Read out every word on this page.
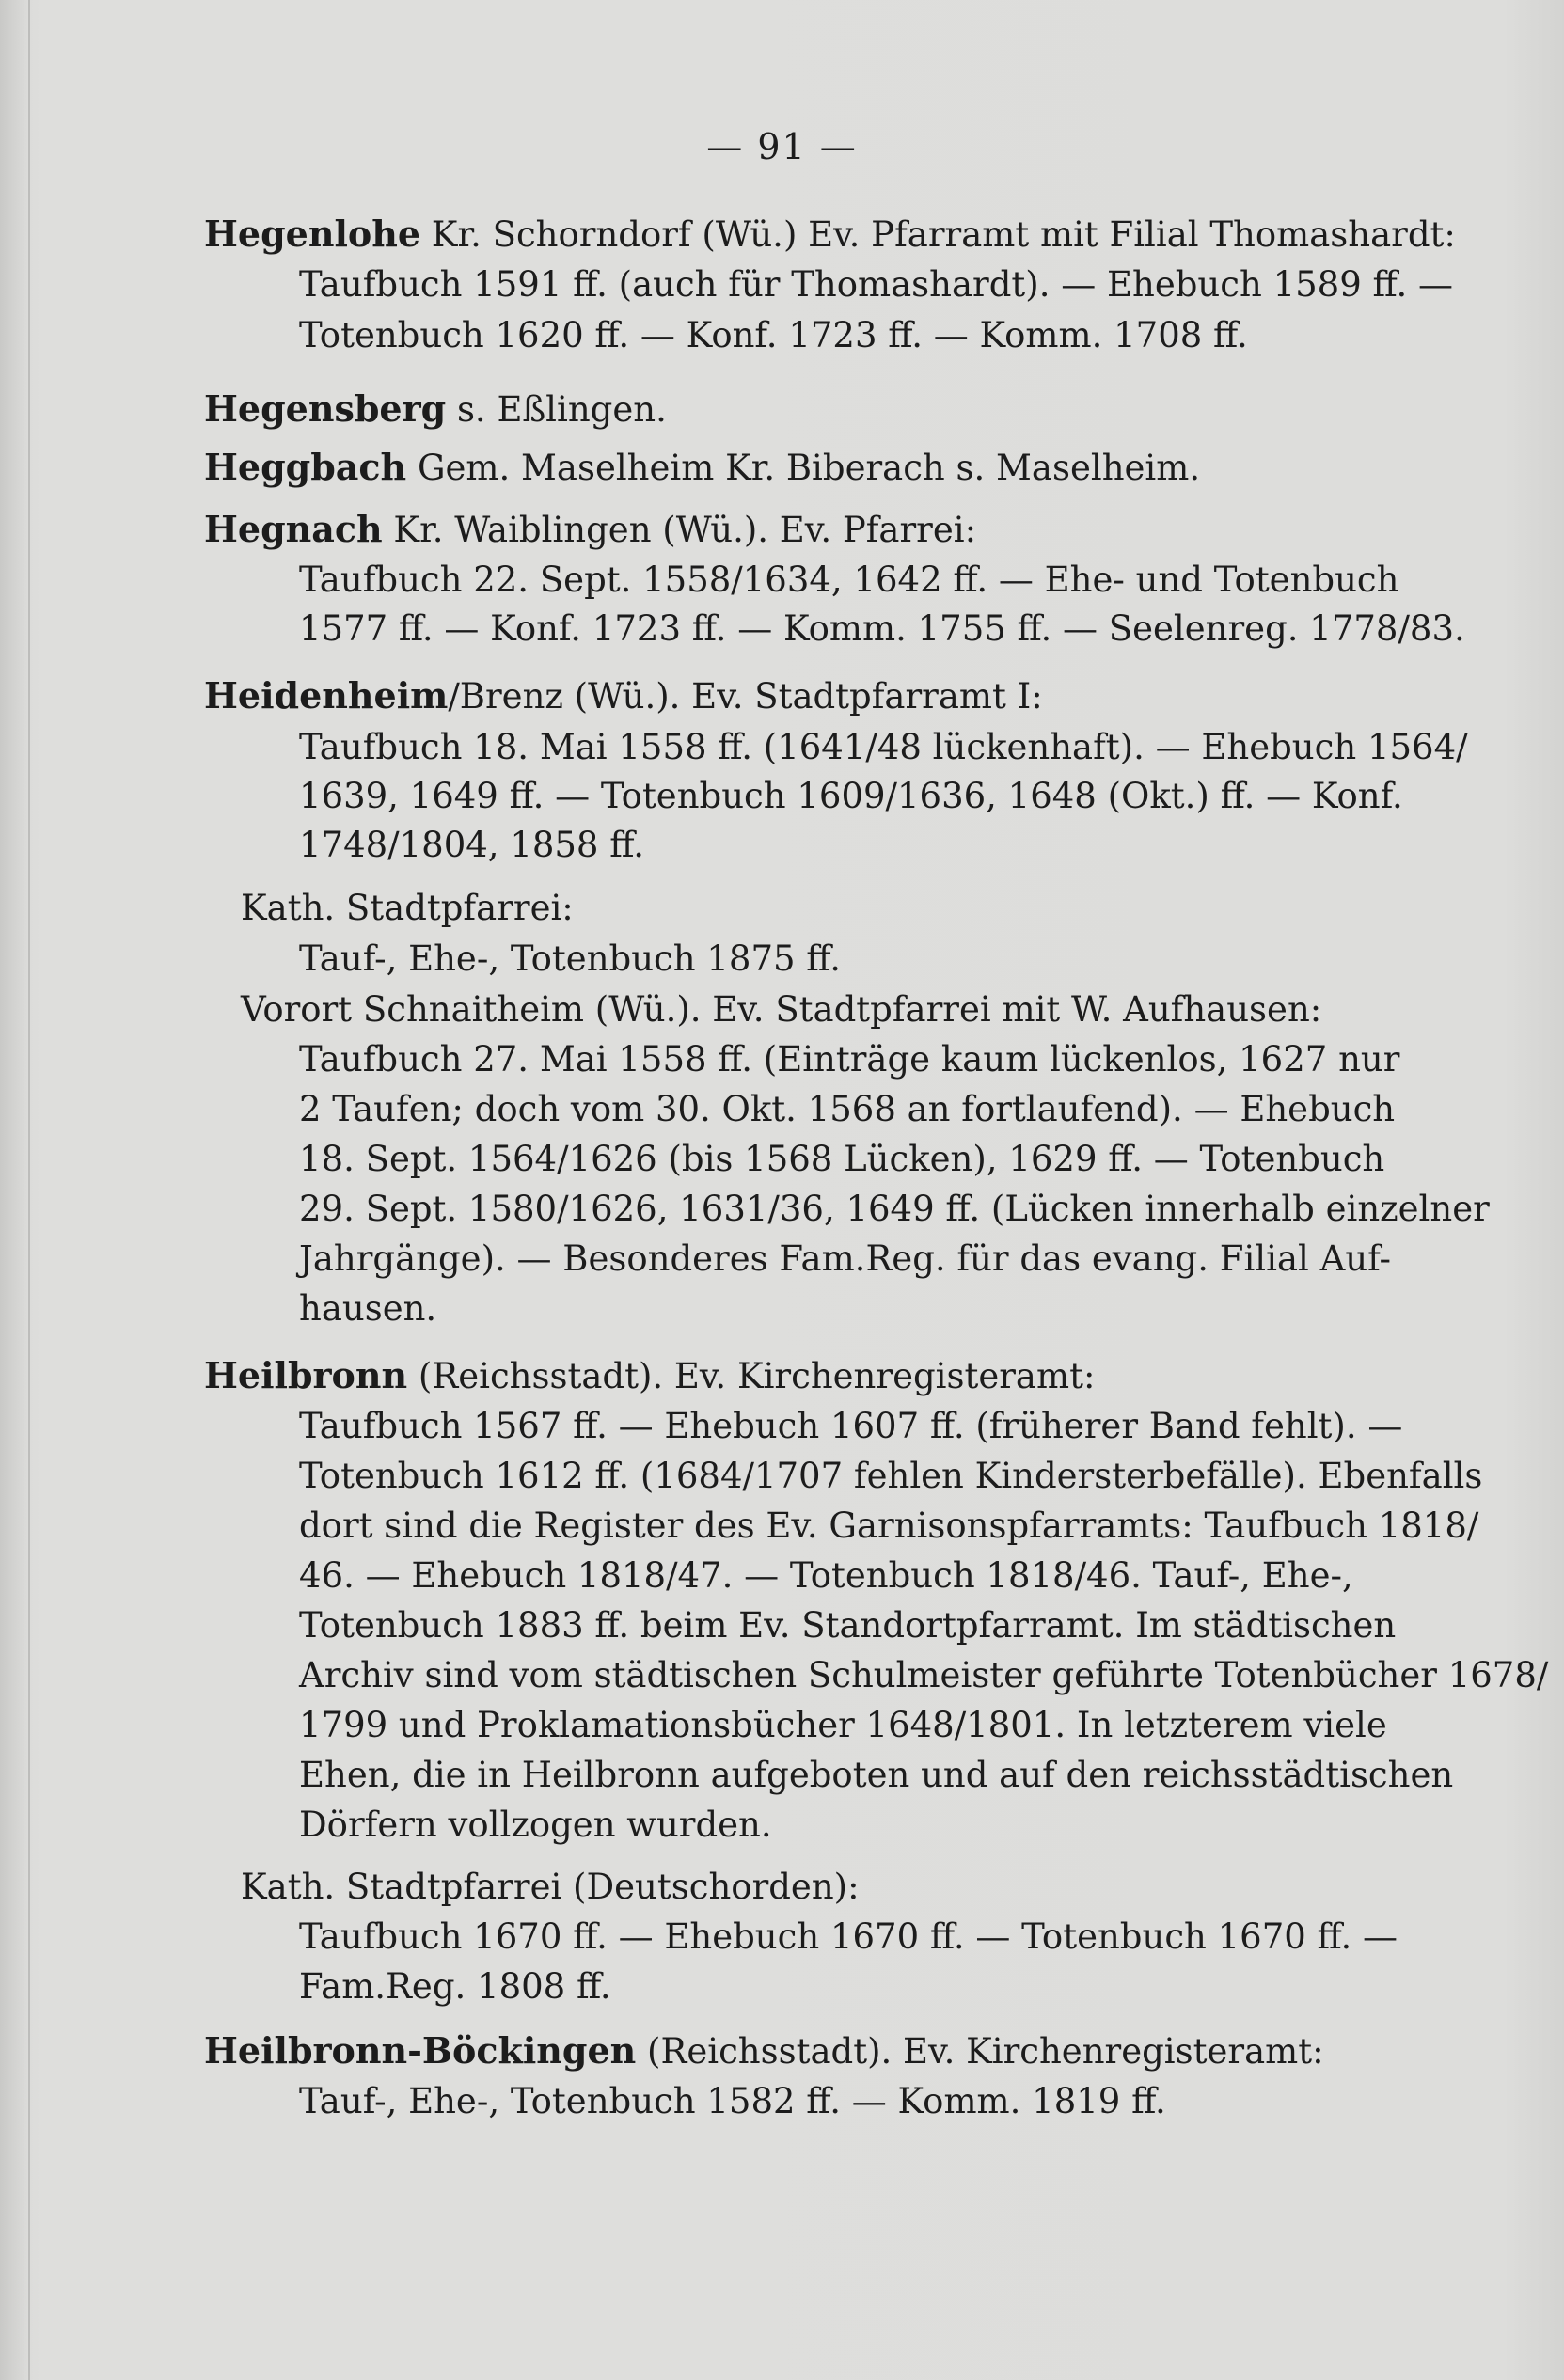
— 91 —
Hegenlohe Kr. Schorndorf (Wü.) Ev. Pfarramt mit Filial Thomashardt:
Taufbuch 1591 ff. (auch für Thomashardt). — Ehebuch 1589 ff. —
Totenbuch 1620 ff. — Konf. 1723 ff. — Komm. 1708 ff.
Hegensberg s. Eßlingen.
Heggbach Gem. Maselheim Kr. Biberach s. Maselheim.
Hegnach Kr. Waiblingen (Wü.). Ev. Pfarrei:
Taufbuch 22. Sept. 1558/1634, 1642 ff. — Ehe- und Totenbuch
1577 ff. — Konf. 1723 ff. — Komm. 1755 ff. — Seelenreg. 1778/83.
Heidenheim/Brenz (Wü.). Ev. Stadtpfarramt I:
Taufbuch 18. Mai 1558 ff. (1641/48 lückenhaft). — Ehebuch 1564/
1639, 1649 ff. — Totenbuch 1609/1636, 1648 (Okt.) ff. — Konf.
1748/1804, 1858 ff.
Kath. Stadtpfarrei:
Tauf-, Ehe-, Totenbuch 1875 ff.
Vorort Schnaitheim (Wü.). Ev. Stadtpfarrei mit W. Aufhausen:
Taufbuch 27. Mai 1558 ff. (Einträge kaum lückenlos, 1627 nur
2 Taufen; doch vom 30. Okt. 1568 an fortlaufend). — Ehebuch
18. Sept. 1564/1626 (bis 1568 Lücken), 1629 ff. — Totenbuch
29. Sept. 1580/1626, 1631/36, 1649 ff. (Lücken innerhalb einzelner
Jahrgänge). — Besonderes Fam.Reg. für das evang. Filial Auf-
hausen.
Heilbronn (Reichsstadt). Ev. Kirchenregisteramt:
Taufbuch 1567 ff. — Ehebuch 1607 ff. (früherer Band fehlt). —
Totenbuch 1612 ff. (1684/1707 fehlen Kindersterbefälle). Ebenfalls
dort sind die Register des Ev. Garnisonspfarramts: Taufbuch 1818/
46. — Ehebuch 1818/47. — Totenbuch 1818/46. Tauf-, Ehe-,
Totenbuch 1883 ff. beim Ev. Standortpfarramt. Im städtischen
Archiv sind vom städtischen Schulmeister geführte Totenbücher 1678/
1799 und Proklamationsbücher 1648/1801. In letzterem viele
Ehen, die in Heilbronn aufgeboten und auf den reichsstädtischen
Dörfern vollzogen wurden.
Kath. Stadtpfarrei (Deutschorden):
Taufbuch 1670 ff. — Ehebuch 1670 ff. — Totenbuch 1670 ff. —
Fam.Reg. 1808 ff.
Heilbronn-Böckingen (Reichsstadt). Ev. Kirchenregisteramt:
Tauf-, Ehe-, Totenbuch 1582 ff. — Komm. 1819 ff.
